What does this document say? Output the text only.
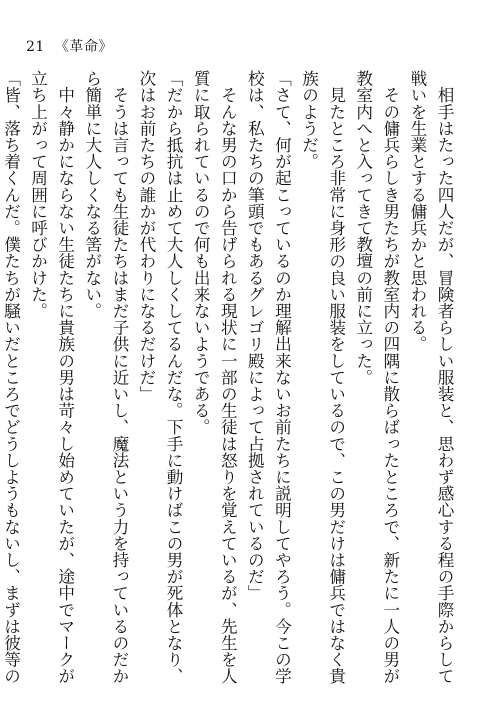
21 《革命》

　相手はたった四人だが、冒険者らしい服装と、思わず感心する程の手際からして戦いを生業とする傭兵かと思われる。

　その傭兵らしき男たちが教室内の四隅に散らばったところで、新たに一人の男が教室内へと入ってきて教壇の前に立った。

　見たところ非常に身形の良い服装をしているので、この男だけは傭兵ではなく貴族のようだ。

「さて、何が起こっているのか理解出来ないお前たちに説明してやろう。今この学校は、私たちの筆頭でもあるグレゴリ殿によって占拠されているのだ」

　そんな男の口から告げられる現状に一部の生徒は怒りを覚えているが、先生を人質に取られているので何も出来ないようである。

「だから抵抗は止めて大人しくしてるんだな。下手に動けばこの男が死体となり、次はお前たちの誰かが代わりになるだけだ」

　そうは言っても生徒たちはまだ子供に近いし、魔法という力を持っているのだから簡単に大人しくなる筈がない。

　中々静かにならない生徒たちに貴族の男は苛々し始めていたが、途中でマークが立ち上がって周囲に呼びかけた。

「皆、落ち着くんだ。僕たちが騒いだところでどうしようもないし、まずは彼等の
